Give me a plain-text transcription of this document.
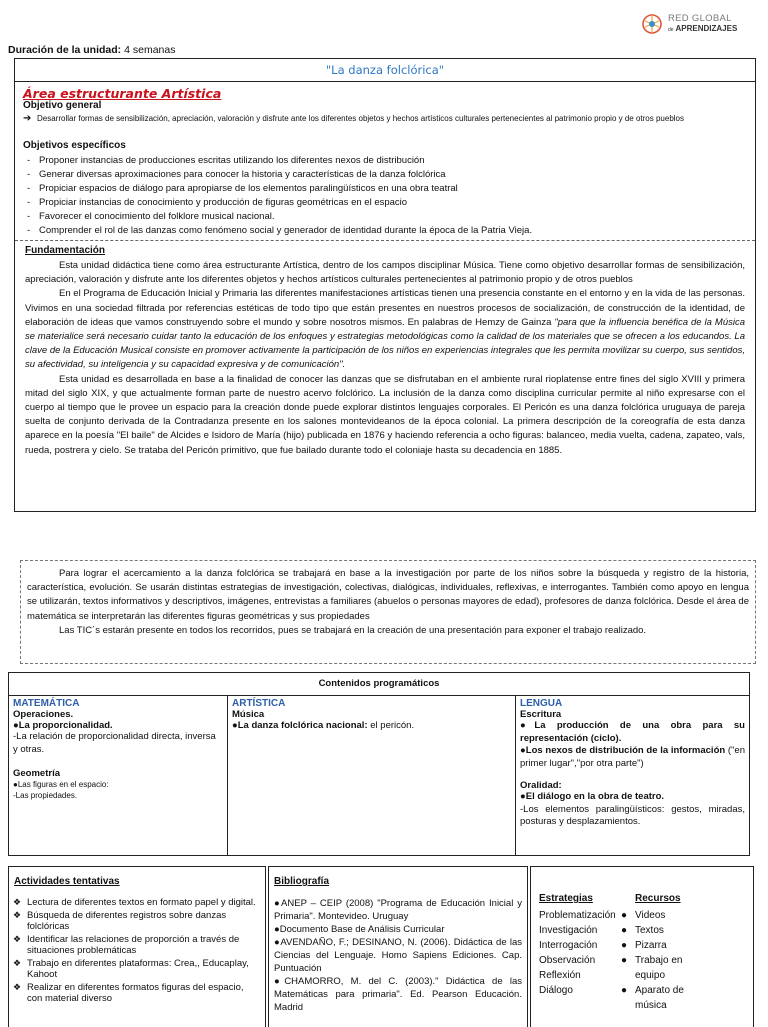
RED GLOBAL
de APRENDIZAJES
Duración de la unidad: 4 semanas
"La danza folclórica"
Área estructurante Artística
Objetivo general
➔ Desarrollar formas de sensibilización, apreciación, valoración y disfrute ante los diferentes objetos y hechos artísticos culturales pertenecientes al patrimonio propio y de otros pueblos
Objetivos específicos
- Proponer instancias de producciones escritas utilizando los diferentes nexos de distribución
- Generar diversas aproximaciones para conocer la historia y características de la danza folclórica
- Propiciar espacios de diálogo para apropiarse de los elementos paralingüísticos en una obra teatral
- Propiciar instancias de conocimiento y producción de figuras geométricas en el espacio
- Favorecer el conocimiento del folklore musical nacional.
- Comprender el rol de las danzas como fenómeno social y generador de identidad durante la época de la Patria Vieja.
Fundamentación

Esta unidad didáctica tiene como área estructurante Artística, dentro de los campos disciplinar Música. Tiene como objetivo desarrollar formas de sensibilización, apreciación, valoración y disfrute ante los diferentes objetos y hechos artísticos culturales pertenecientes al patrimonio propio y de otros pueblos

En el Programa de Educación Inicial y Primaria las diferentes manifestaciones artísticas tienen una presencia constante en el entorno y en la vida de las personas. Vivimos en una sociedad filtrada por referencias estéticas de todo tipo que están presentes en nuestros procesos de socialización, de construcción de la identidad, de elaboración de ideas que vamos construyendo sobre el mundo y sobre nosotros mismos. En palabras de Hemzy de Gainza "para que la influencia benéfica de la Música se materialice será necesario cuidar tanto la educación de los enfoques y estrategias metodológicas como la calidad de los materiales que se ofrecen a los educandos. La clave de la Educación Musical consiste en promover activamente la participación de los niños en experiencias integrales que les permita movilizar su cuerpo, sus sentidos, su afectividad, su inteligencia y su capacidad expresiva y de comunicación".

Esta unidad es desarrollada en base a la finalidad de conocer las danzas que se disfrutaban en el ambiente rural rioplatense entre fines del siglo XVIII y primera mitad del siglo XIX, y que actualmente forman parte de nuestro acervo folclórico. La inclusión de la danza como disciplina curricular permite al niño expresarse con el cuerpo al tiempo que le provee un espacio para la creación donde puede explorar distintos lenguajes corporales. El Pericón es una danza folclórica uruguaya de pareja suelta de conjunto derivada de la Contradanza presente en los salones montevideanos de la época colonial. La primera descripción de la coreografía de esta danza aparece en la poesía "El baile" de Alcides e Isidoro de María (hijo) publicada en 1876 y haciendo referencia a ocho figuras: balanceo, media vuelta, cadena, zapateo, vals, rueda, postrera y cielo. Se trataba del Pericón primitivo, que fue bailado durante todo el coloniaje hasta su decadencia en 1885.

Para lograr el acercamiento a la danza folclórica se trabajará en base a la investigación por parte de los niños sobre la búsqueda y registro de la historia, característica, evolución. Se usarán distintas estrategias de investigación, colectivas, dialógicas, individuales, reflexivas, e interrogantes. También como apoyo en lengua se utilizarán, textos informativos y descriptivos, imágenes, entrevistas a familiares (abuelos o personas mayores de edad), profesores de danza folclórica. Desde el área de matemática se interpretarán las diferentes figuras geométricas y sus propiedades

Las TIC´s estarán presente en todos los recorridos, pues se trabajará en la creación de una presentación para exponer el trabajo realizado.

Contenidos programáticos
MATEMÁTICA
Operaciones.
●La proporcionalidad.
-La relación de proporcionalidad directa, inversa y otras.
Geometría
●Las figuras en el espacio:
-Las propiedades.
ARTÍSTICA
Música
●La danza folclórica nacional: el pericón.
LENGUA
Escritura
●La producción de una obra para su representación (ciclo).
●Los nexos de distribución de la información ("en primer lugar","por otra parte")
Oralidad:
●El diálogo en la obra de teatro.
-Los elementos paralingüísticos: gestos, miradas, posturas y desplazamientos.
Actividades tentativas
❖ Lectura de diferentes textos en formato papel y digital.
❖ Búsqueda de diferentes registros sobre danzas folclóricas
❖ Identificar las relaciones de proporción a través de situaciones problemáticas
❖ Trabajo en diferentes plataformas: Crea,, Educaplay, Kahoot
❖ Realizar en diferentes formatos figuras del espacio, con material diverso
Bibliografía
●ANEP – CEIP (2008) "Programa de Educación Inicial y Primaria". Montevideo. Uruguay
●Documento Base de Análisis Curricular
●AVENDAÑO, F.; DESINANO, N. (2006). Didáctica de las Ciencias del Lenguaje. Homo Sapiens Ediciones. Cap. Puntuación
●CHAMORRO, M. del C. (2003)." Didáctica de las Matemáticas para primaria". Ed. Pearson Educación. Madrid
Estrategias
Problematización
Investigación
Interrogación
Observación
Reflexión
Diálogo
Recursos
● Videos
● Textos
● Pizarra
● Trabajo en equipo
● Aparato de música
